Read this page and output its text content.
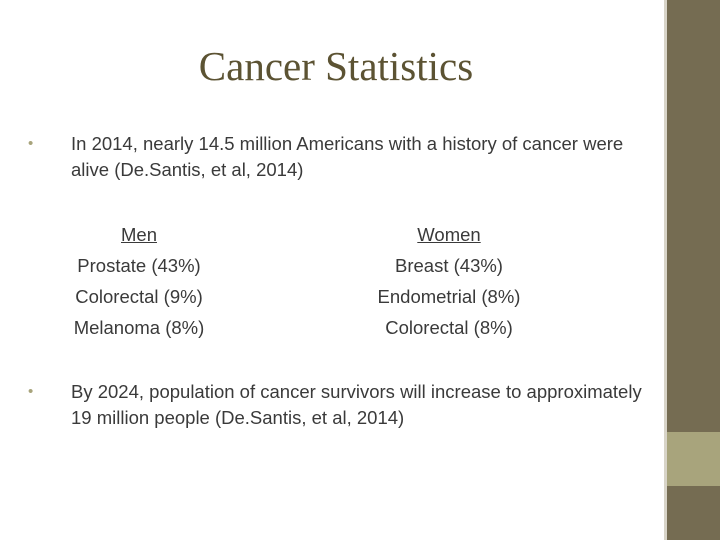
Cancer Statistics
• In 2014, nearly 14.5 million Americans with a history of cancer were alive (De.Santis, et al, 2014)
Men
Prostate (43%)
Colorectal (9%)
Melanoma (8%)
Women
Breast (43%)
Endometrial (8%)
Colorectal (8%)
• By 2024, population of cancer survivors will increase to approximately 19 million people (De.Santis, et al, 2014)
